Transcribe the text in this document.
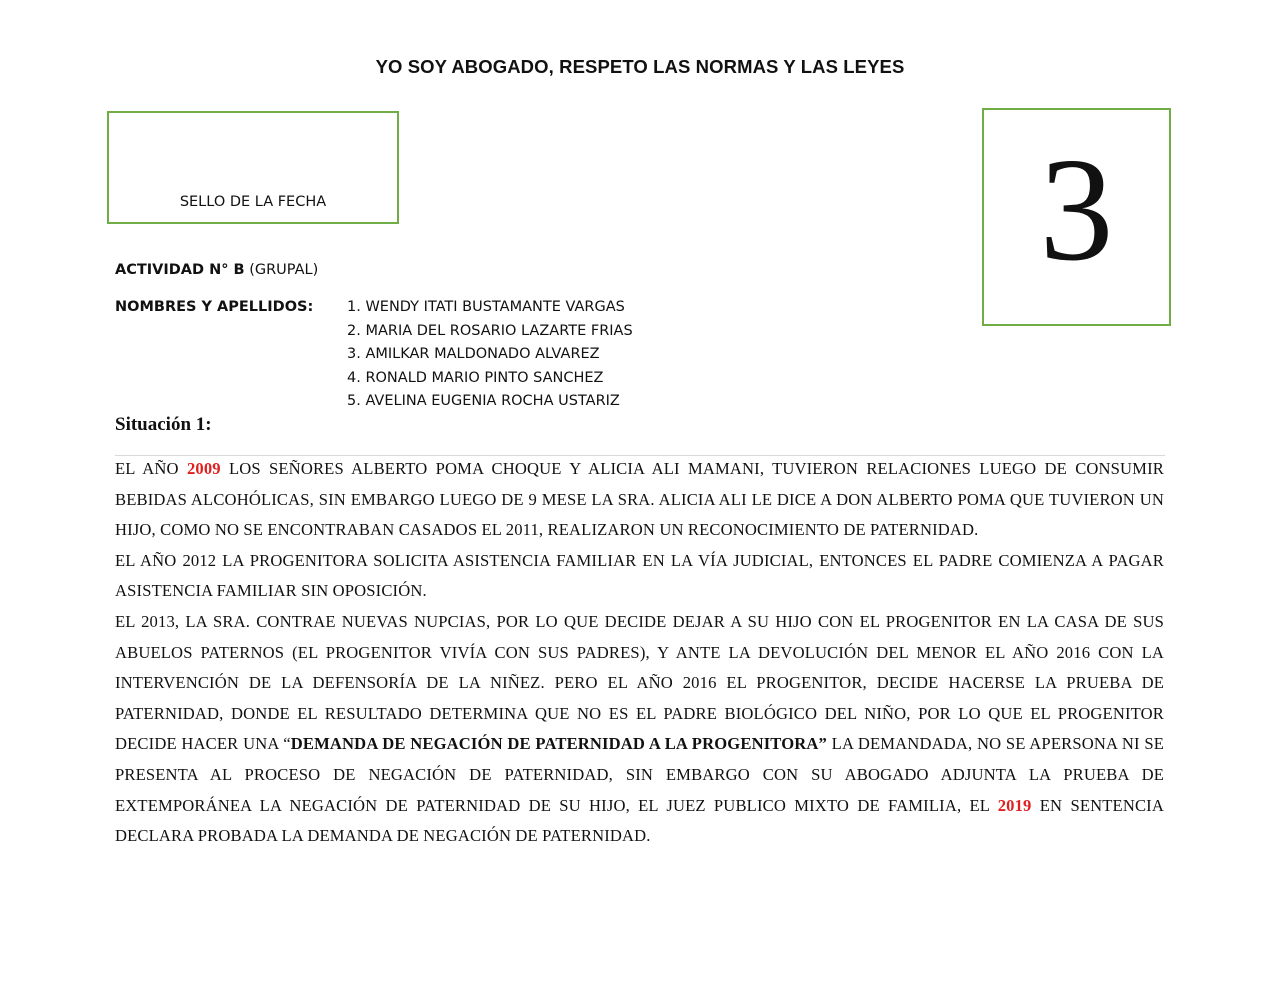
YO SOY ABOGADO, RESPETO LAS NORMAS Y LAS LEYES
SELLO DE LA FECHA	3
ACTIVIDAD N° B (GRUPAL)
NOMBRES Y APELLIDOS: 1. WENDY ITATI BUSTAMANTE VARGAS
2. MARIA DEL ROSARIO LAZARTE FRIAS
3. AMILKAR MALDONADO ALVAREZ
4. RONALD MARIO PINTO SANCHEZ
5. AVELINA EUGENIA ROCHA USTARIZ
Situación 1:

EL AÑO 2009 LOS SEÑORES ALBERTO POMA CHOQUE Y ALICIA ALI MAMANI, TUVIERON RELACIONES LUEGO DE CONSUMIR BEBIDAS ALCOHÓLICAS, SIN EMBARGO LUEGO DE 9 MESE LA SRA. ALICIA ALI LE DICE A DON ALBERTO POMA QUE TUVIERON UN HIJO, COMO NO SE ENCONTRABAN CASADOS EL 2011, REALIZARON UN RECONOCIMIENTO DE PATERNIDAD.

EL AÑO 2012 LA PROGENITORA SOLICITA ASISTENCIA FAMILIAR EN LA VÍA JUDICIAL, ENTONCES EL PADRE COMIENZA A PAGAR ASISTENCIA FAMILIAR SIN OPOSICIÓN.

EL 2013, LA SRA. CONTRAE NUEVAS NUPCIAS, POR LO QUE DECIDE DEJAR A SU HIJO CON EL PROGENITOR EN LA CASA DE SUS ABUELOS PATERNOS (EL PROGENITOR VIVÍA CON SUS PADRES), Y ANTE LA DEVOLUCIÓN DEL MENOR EL AÑO 2016 CON LA INTERVENCIÓN DE LA DEFENSORÍA DE LA NIÑEZ. PERO EL AÑO 2016 EL PROGENITOR, DECIDE HACERSE LA PRUEBA DE PATERNIDAD, DONDE EL RESULTADO DETERMINA QUE NO ES EL PADRE BIOLÓGICO DEL NIÑO, POR LO QUE EL PROGENITOR DECIDE HACER UNA “DEMANDA DE NEGACIÓN DE PATERNIDAD A LA PROGENITORA” LA DEMANDADA, NO SE APERSONA NI SE PRESENTA AL PROCESO DE NEGACIÓN DE PATERNIDAD, SIN EMBARGO CON SU ABOGADO ADJUNTA LA PRUEBA DE EXTEMPORÁNEA LA NEGACIÓN DE PATERNIDAD DE SU HIJO, EL JUEZ PUBLICO MIXTO DE FAMILIA, EL 2019 EN SENTENCIA DECLARA PROBADA LA DEMANDA DE NEGACIÓN DE PATERNIDAD.
